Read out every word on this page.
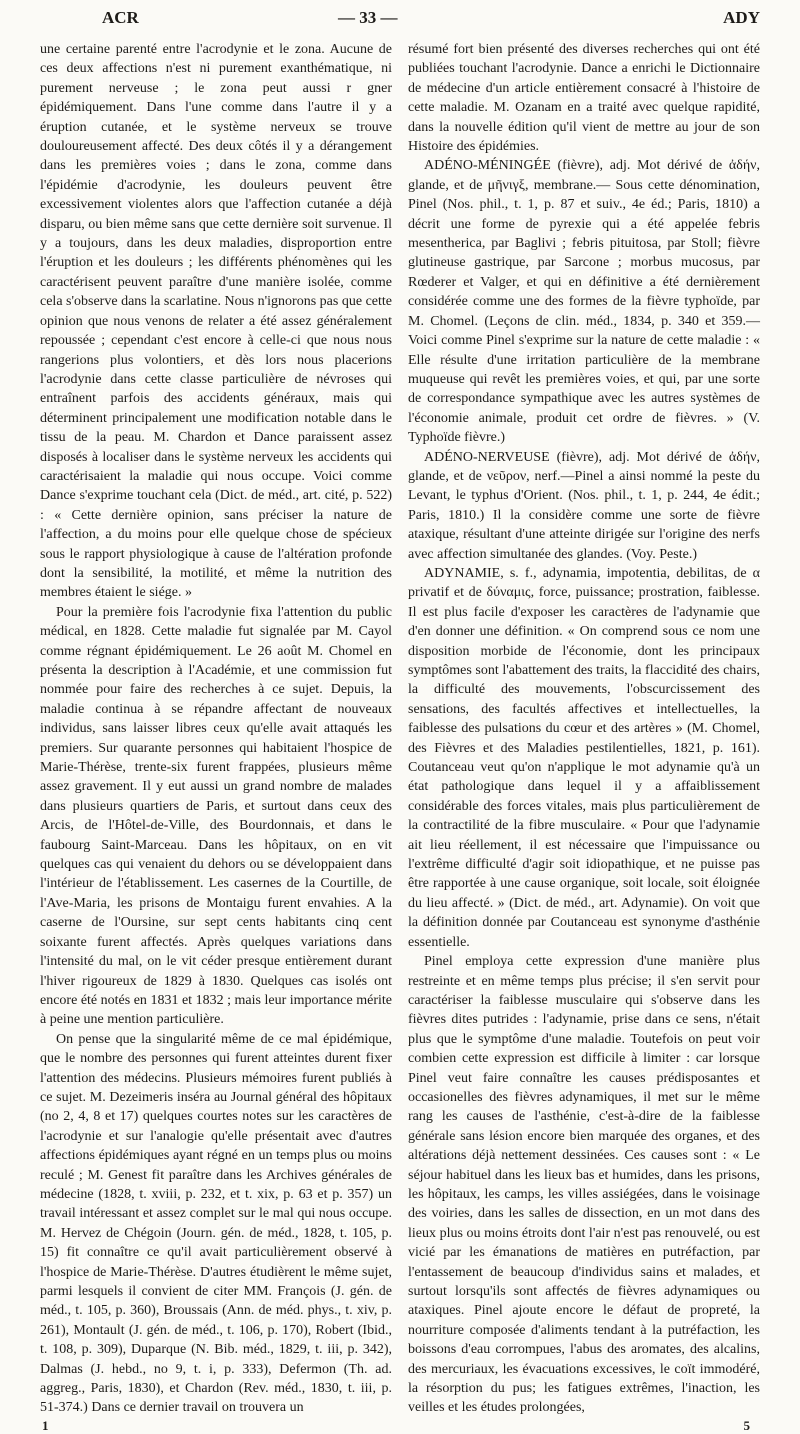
ACR	— 33 —	ADY

une certaine parenté entre l'acrodynie et le zona. Aucune de ces deux affections n'est ni purement exanthématique, ni purement nerveuse ; le zona peut aussi r gner épidémiquement. Dans l'une comme dans l'autre il y a éruption cutanée, et le système nerveux se trouve douloureusement affecté. Des deux côtés il y a dérangement dans les premières voies ; dans le zona, comme dans l'épidémie d'acrodynie, les douleurs peuvent être excessivement violentes alors que l'affection cutanée a déjà disparu, ou bien même sans que cette dernière soit survenue. Il y a toujours, dans les deux maladies, disproportion entre l'éruption et les douleurs ; les différents phénomènes qui les caractérisent peuvent paraître d'une manière isolée, comme cela s'observe dans la scarlatine. Nous n'ignorons pas que cette opinion que nous venons de relater a été assez généralement repoussée ; cependant c'est encore à celle-ci que nous nous rangerions plus volontiers, et dès lors nous placerions l'acrodynie dans cette classe particulière de névroses qui entraînent parfois des accidents généraux, mais qui déterminent principalement une modification notable dans le tissu de la peau. M. Chardon et Dance paraissent assez disposés à localiser dans le système nerveux les accidents qui caractérisaient la maladie qui nous occupe. Voici comme Dance s'exprime touchant cela (Dict. de méd., art. cité, p. 522) : « Cette dernière opinion, sans préciser la nature de l'affection, a du moins pour elle quelque chose de spécieux sous le rapport physiologique à cause de l'altération profonde dont la sensibilité, la motilité, et même la nutrition des membres étaient le siége. »

Pour la première fois l'acrodynie fixa l'attention du public médical, en 1828. Cette maladie fut signalée par M. Cayol comme régnant épidémiquement. Le 26 août M. Chomel en présenta la description à l'Académie, et une commission fut nommée pour faire des recherches à ce sujet. Depuis, la maladie continua à se répandre affectant de nouveaux individus, sans laisser libres ceux qu'elle avait attaqués les premiers. Sur quarante personnes qui habitaient l'hospice de Marie-Thérèse, trente-six furent frappées, plusieurs même assez gravement. Il y eut aussi un grand nombre de malades dans plusieurs quartiers de Paris, et surtout dans ceux des Arcis, de l'Hôtel-de-Ville, des Bourdonnais, et dans le faubourg Saint-Marceau. Dans les hôpitaux, on en vit quelques cas qui venaient du dehors ou se développaient dans l'intérieur de l'établissement. Les casernes de la Courtille, de l'Ave-Maria, les prisons de Montaigu furent envahies. A la caserne de l'Oursine, sur sept cents habitants cinq cent soixante furent affectés. Après quelques variations dans l'intensité du mal, on le vit céder presque entièrement durant l'hiver rigoureux de 1829 à 1830. Quelques cas isolés ont encore été notés en 1831 et 1832 ; mais leur importance mérite à peine une mention particulière.

On pense que la singularité même de ce mal épidémique, que le nombre des personnes qui furent atteintes durent fixer l'attention des médecins. Plusieurs mémoires furent publiés à ce sujet. M. Dezeimeris inséra au Journal général des hôpitaux (no 2, 4, 8 et 17) quelques courtes notes sur les caractères de l'acrodynie et sur l'analogie qu'elle présentait avec d'autres affections épidémiques ayant régné en un temps plus ou moins reculé ; M. Genest fit paraître dans les Archives générales de médecine (1828, t. xviii, p. 232, et t. xix, p. 63 et p. 357) un travail intéressant et assez complet sur le mal qui nous occupe. M. Hervez de Chégoin (Journ. gén. de méd., 1828, t. 105, p. 15) fit connaître ce qu'il avait particulièrement observé à l'hospice de Marie-Thérèse. D'autres étudièrent le même sujet, parmi lesquels il convient de citer MM. François (J. gén. de méd., t. 105, p. 360), Broussais (Ann. de méd. phys., t. xiv, p. 261), Montault (J. gén. de méd., t. 106, p. 170), Robert (Ibid., t. 108, p. 309), Duparque (N. Bib. méd., 1829, t. iii, p. 342), Dalmas (J. hebd., no 9, t. i, p. 333), Defermon (Th. ad. aggreg., Paris, 1830), et Chardon (Rev. méd., 1830, t. iii, p. 51-374.) Dans ce dernier travail on trouvera un

1

résumé fort bien présenté des diverses recherches qui ont été publiées touchant l'acrodynie. Dance a enrichi le Dictionnaire de médecine d'un article entièrement consacré à l'histoire de cette maladie. M. Ozanam en a traité avec quelque rapidité, dans la nouvelle édition qu'il vient de mettre au jour de son Histoire des épidémies.

ADÉNO-MÉNINGÉE (fièvre), adj. Mot dérivé de ἀδήν, glande, et de μῆνιγξ, membrane.— Sous cette dénomination, Pinel (Nos. phil., t. 1, p. 87 et suiv., 4e éd.; Paris, 1810) a décrit une forme de pyrexie qui a été appelée febris mesentherica, par Baglivi ; febris pituitosa, par Stoll; fièvre glutineuse gastrique, par Sarcone ; morbus mucosus, par Rœderer et Valger, et qui en définitive a été dernièrement considérée comme une des formes de la fièvre typhoïde, par M. Chomel. (Leçons de clin. méd., 1834, p. 340 et 359.—Voici comme Pinel s'exprime sur la nature de cette maladie : « Elle résulte d'une irritation particulière de la membrane muqueuse qui revêt les premières voies, et qui, par une sorte de correspondance sympathique avec les autres systèmes de l'économie animale, produit cet ordre de fièvres. » (V. Typhoïde fièvre.)

ADÉNO-NERVEUSE (fièvre), adj. Mot dérivé de ἀδήν, glande, et de νεῦρον, nerf.—Pinel a ainsi nommé la peste du Levant, le typhus d'Orient. (Nos. phil., t. 1, p. 244, 4e édit.; Paris, 1810.) Il la considère comme une sorte de fièvre ataxique, résultant d'une atteinte dirigée sur l'origine des nerfs avec affection simultanée des glandes. (Voy. Peste.)

ADYNAMIE, s. f., adynamia, impotentia, debilitas, de α privatif et de δύναμις, force, puissance; prostration, faiblesse. Il est plus facile d'exposer les caractères de l'adynamie que d'en donner une définition. « On comprend sous ce nom une disposition morbide de l'économie, dont les principaux symptômes sont l'abattement des traits, la flaccidité des chairs, la difficulté des mouvements, l'obscurcissement des sensations, des facultés affectives et intellectuelles, la faiblesse des pulsations du cœur et des artères » (M. Chomel, des Fièvres et des Maladies pestilentielles, 1821, p. 161). Coutanceau veut qu'on n'applique le mot adynamie qu'à un état pathologique dans lequel il y a affaiblissement considérable des forces vitales, mais plus particulièrement de la contractilité de la fibre musculaire. « Pour que l'adynamie ait lieu réellement, il est nécessaire que l'impuissance ou l'extrême difficulté d'agir soit idiopathique, et ne puisse pas être rapportée à une cause organique, soit locale, soit éloignée du lieu affecté. » (Dict. de méd., art. Adynamie). On voit que la définition donnée par Coutanceau est synonyme d'asthénie essentielle.

Pinel employa cette expression d'une manière plus restreinte et en même temps plus précise; il s'en servit pour caractériser la faiblesse musculaire qui s'observe dans les fièvres dites putrides : l'adynamie, prise dans ce sens, n'était plus que le symptôme d'une maladie. Toutefois on peut voir combien cette expression est difficile à limiter : car lorsque Pinel veut faire connaître les causes prédisposantes et occasionelles des fièvres adynamiques, il met sur le même rang les causes de l'asthénie, c'est-à-dire de la faiblesse générale sans lésion encore bien marquée des organes, et des altérations déjà nettement dessinées. Ces causes sont : « Le séjour habituel dans les lieux bas et humides, dans les prisons, les hôpitaux, les camps, les villes assiégées, dans le voisinage des voiries, dans les salles de dissection, en un mot dans des lieux plus ou moins étroits dont l'air n'est pas renouvelé, ou est vicié par les émanations de matières en putréfaction, par l'entassement de beaucoup d'individus sains et malades, et surtout lorsqu'ils sont affectés de fièvres adynamiques ou ataxiques. Pinel ajoute encore le défaut de propreté, la nourriture composée d'aliments tendant à la putréfaction, les boissons d'eau corrompues, l'abus des aromates, des alcalins, des mercuriaux, les évacuations excessives, le coït immodéré, la résorption du pus; les fatigues extrêmes, l'inaction, les veilles et les études prolongées,

5
